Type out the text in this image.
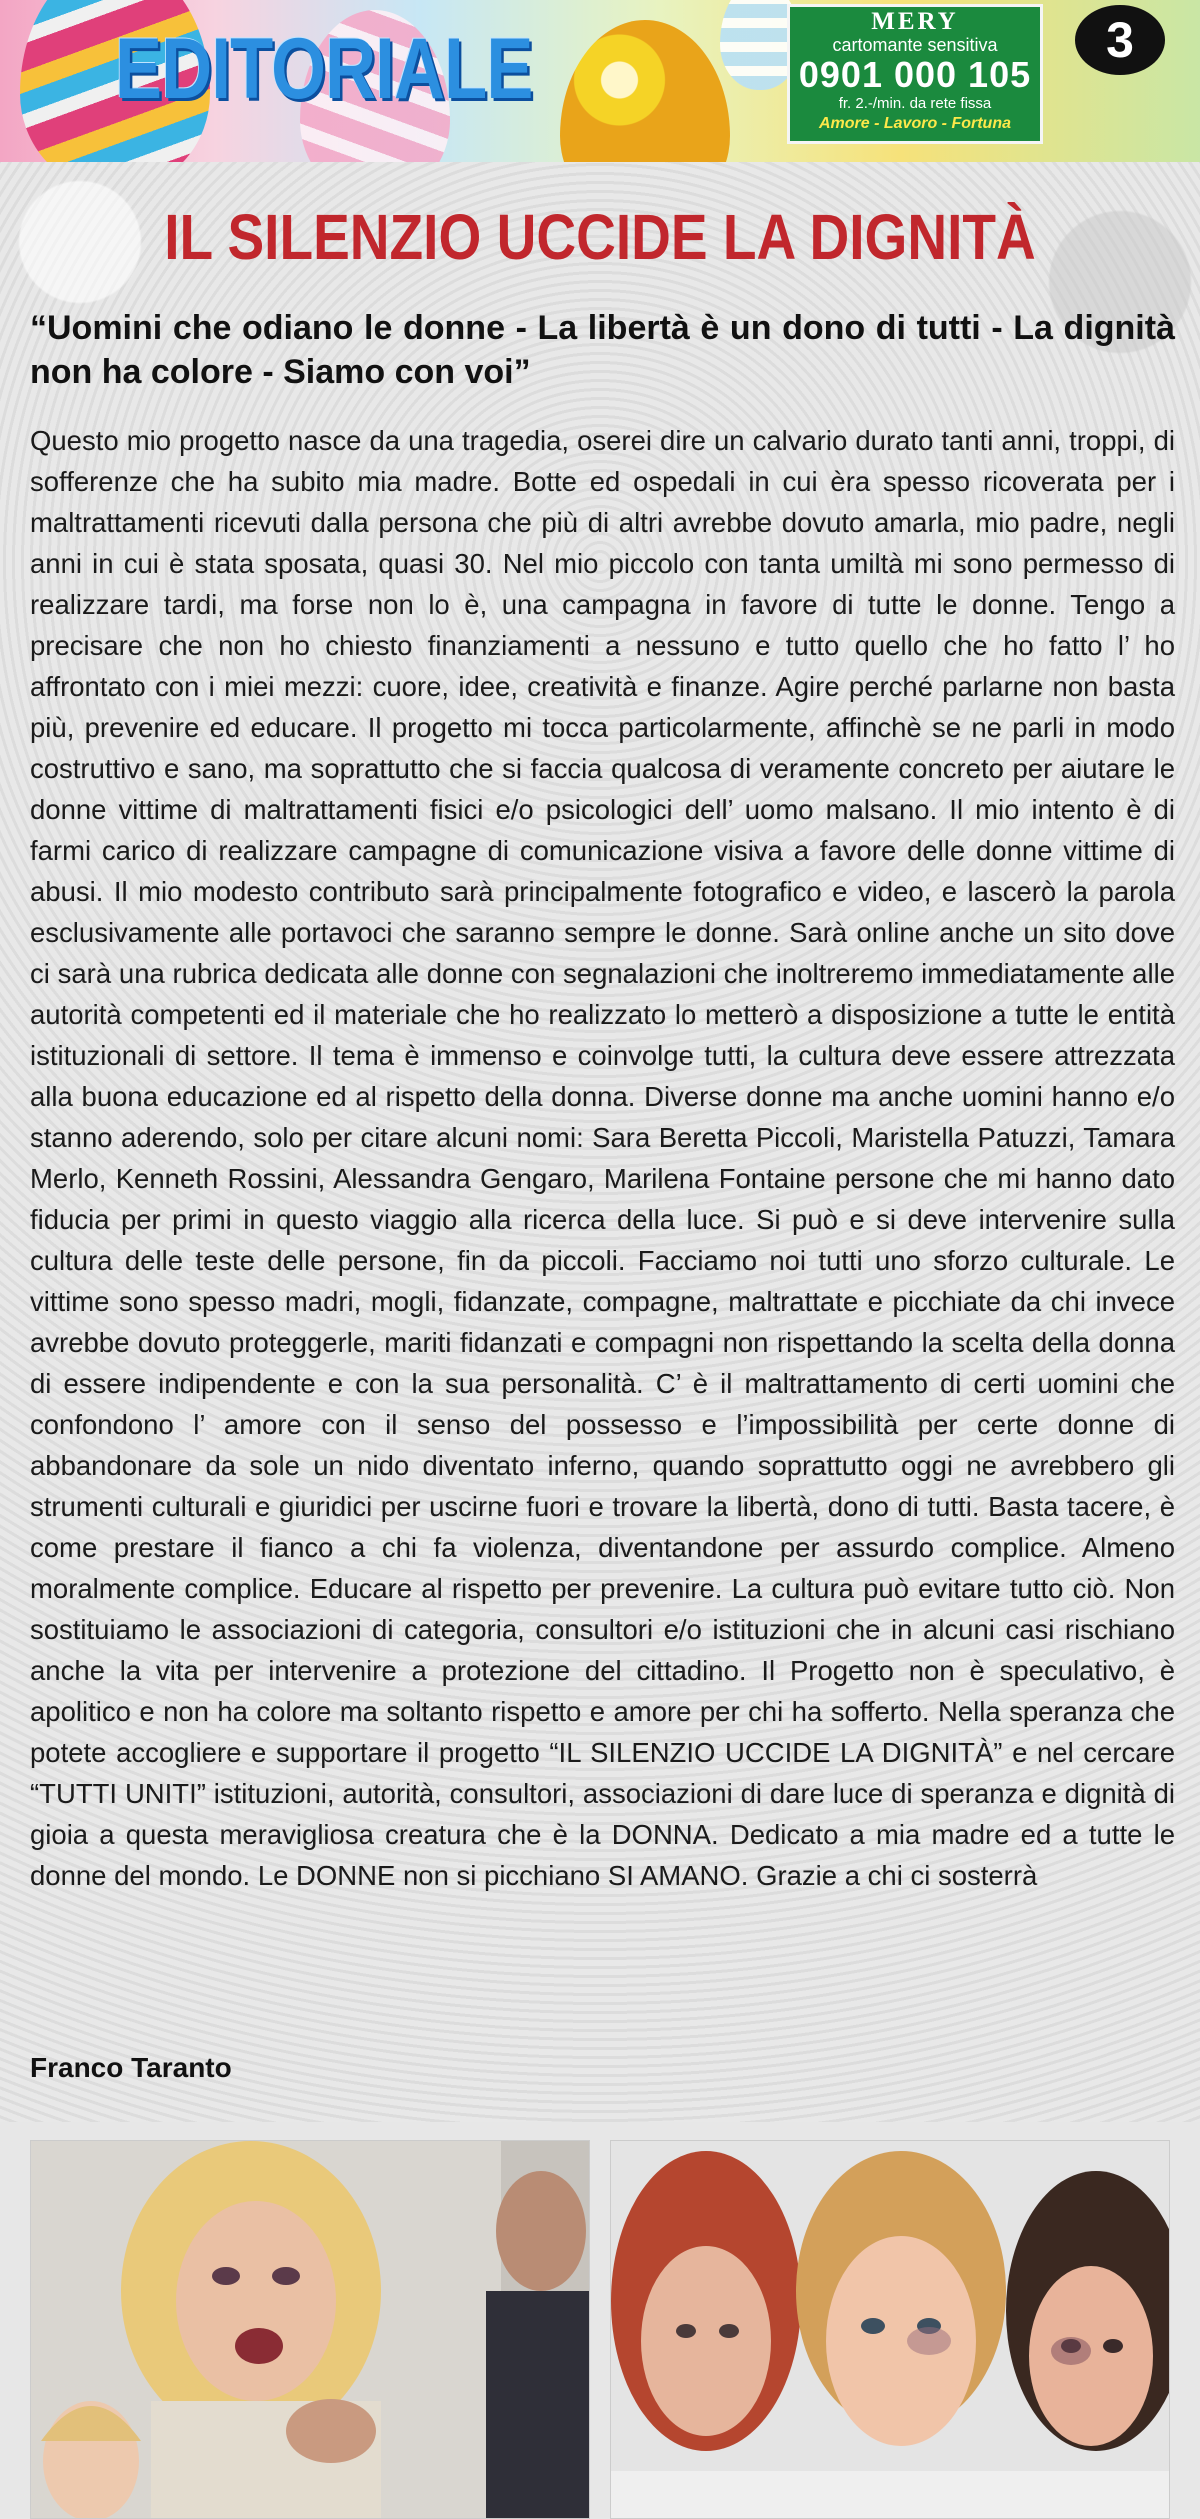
EDITORIALE	MERY
cartomante sensitiva
0901 000 105
fr. 2.-/min. da rete fissa
Amore - Lavoro - Fortuna
3
IL SILENZIO UCCIDE LA DIGNITÀ
“Uomini che odiano le donne - La libertà è un dono di tutti - La dignità non ha colore - Siamo con voi”
Questo mio progetto nasce da una tragedia, oserei dire un calvario durato tanti anni, troppi, di sofferenze che ha subito mia madre. Botte ed ospedali in cui èra spesso ricoverata per i maltrattamenti ricevuti dalla persona che più di altri avrebbe dovuto amarla, mio padre, negli anni in cui è stata sposata, quasi 30. Nel mio piccolo con tanta umiltà mi sono permesso di realizzare tardi, ma forse non lo è, una campagna in favore di tutte le donne. Tengo a precisare che non ho chiesto finanziamenti a nessuno e tutto quello che ho fatto l’ ho affrontato con i miei mezzi: cuore, idee, creatività e finanze. Agire perché parlarne non basta più, prevenire ed educare. Il progetto mi tocca particolarmente, affinchè se ne parli in modo costruttivo e sano, ma soprattutto che si faccia qualcosa di veramente concreto per aiutare le donne vittime di maltrattamenti fisici e/o psicologici dell’ uomo malsano. Il mio intento è di farmi carico di realizzare campagne di comunicazione visiva a favore delle donne vittime di abusi. Il mio modesto contributo sarà principalmente fotografico e video, e lascerò la parola esclusivamente alle portavoci che saranno sempre le donne. Sarà online anche un sito dove ci sarà una rubrica dedicata alle donne con segnalazioni che inoltreremo immediatamente alle autorità competenti ed il materiale che ho realizzato lo metterò a disposizione a tutte le entità istituzionali di settore. Il tema è immenso e coinvolge tutti, la cultura deve essere attrezzata alla buona educazione ed al rispetto della donna. Diverse donne ma anche uomini hanno e/o stanno aderendo, solo per citare alcuni nomi: Sara Beretta Piccoli, Maristella Patuzzi, Tamara Merlo, Kenneth Rossini, Alessandra Gengaro, Marilena Fontaine persone che mi hanno dato fiducia per primi in questo viaggio alla ricerca della luce. Si può e si deve intervenire sulla cultura delle teste delle persone, fin da piccoli. Facciamo noi tutti uno sforzo culturale. Le vittime sono spesso madri, mogli, fidanzate, compagne, maltrattate e picchiate da chi invece avrebbe dovuto proteggerle, mariti fidanzati e compagni non rispettando la scelta della donna di essere indipendente e con la sua personalità. C’ è il maltrattamento di certi uomini che confondono l’ amore con il senso del possesso e l’impossibilità per certe donne di abbandonare da sole un nido diventato inferno, quando soprattutto oggi ne avrebbero gli strumenti culturali e giuridici per uscirne fuori e trovare la libertà, dono di tutti. Basta tacere, è come prestare il fianco a chi fa violenza, diventandone per assurdo complice. Almeno moralmente complice. Educare al rispetto per prevenire. La cultura può evitare tutto ciò. Non sostituiamo le associazioni di categoria, consultori e/o istituzioni che in alcuni casi rischiano anche la vita per intervenire a protezione del cittadino. Il Progetto non è speculativo, è apolitico e non ha colore ma soltanto rispetto e amore per chi ha sofferto. Nella speranza che potete accogliere e supportare il progetto “IL SILENZIO UCCIDE LA DIGNITÀ” e nel cercare “TUTTI UNITI” istituzioni, autorità, consultori, associazioni di dare luce di speranza e dignità di gioia a questa meravigliosa creatura che è la DONNA. Dedicato a mia madre ed a tutte le donne del mondo. Le DONNE non si picchiano SI AMANO. Grazie a chi ci sosterrà
Franco Taranto
